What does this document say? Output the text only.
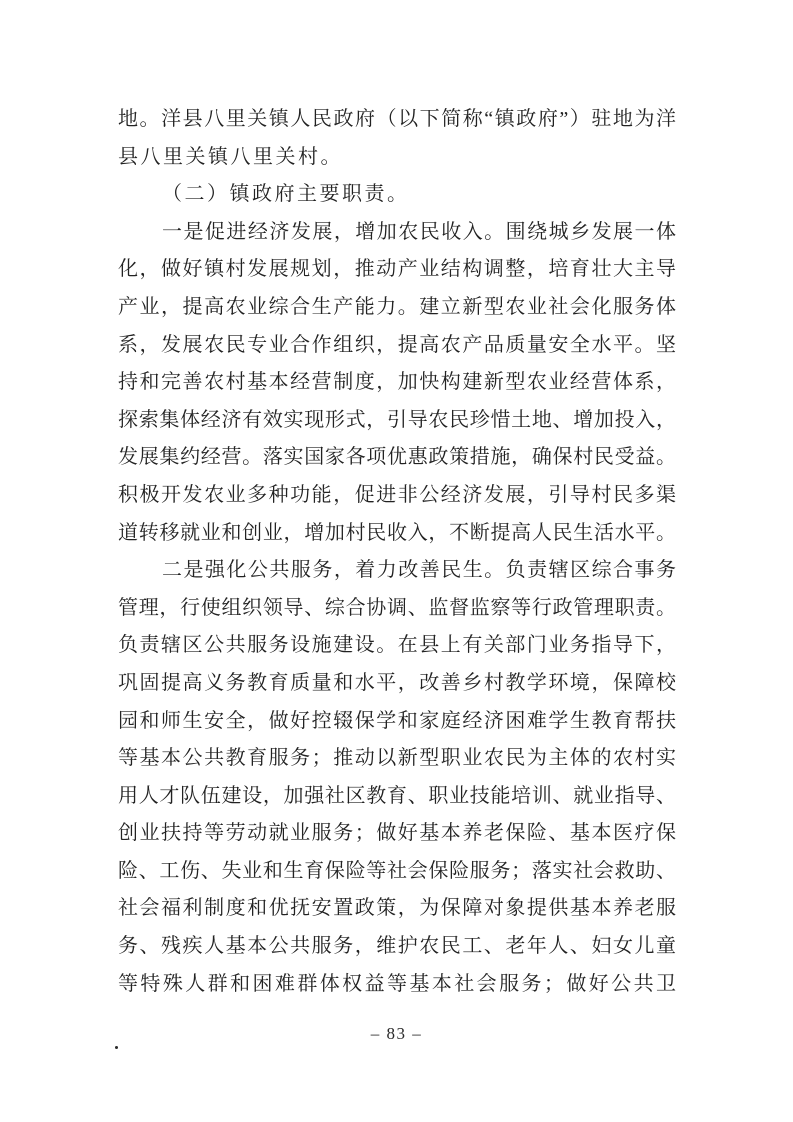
地。洋县八里关镇人民政府（以下简称“镇政府”）驻地为洋
县八里关镇八里关村。
（二）镇政府主要职责。
一是促进经济发展，增加农民收入。围绕城乡发展一体
化，做好镇村发展规划，推动产业结构调整，培育壮大主导
产业，提高农业综合生产能力。建立新型农业社会化服务体
系，发展农民专业合作组织，提高农产品质量安全水平。坚
持和完善农村基本经营制度，加快构建新型农业经营体系，
探索集体经济有效实现形式，引导农民珍惜土地、增加投入，
发展集约经营。落实国家各项优惠政策措施，确保村民受益。
积极开发农业多种功能，促进非公经济发展，引导村民多渠
道转移就业和创业，增加村民收入，不断提高人民生活水平。
二是强化公共服务，着力改善民生。负责辖区综合事务
管理，行使组织领导、综合协调、监督监察等行政管理职责。
负责辖区公共服务设施建设。在县上有关部门业务指导下，
巩固提高义务教育质量和水平，改善乡村教学环境，保障校
园和师生安全，做好控辍保学和家庭经济困难学生教育帮扶
等基本公共教育服务；推动以新型职业农民为主体的农村实
用人才队伍建设，加强社区教育、职业技能培训、就业指导、
创业扶持等劳动就业服务；做好基本养老保险、基本医疗保
险、工伤、失业和生育保险等社会保险服务；落实社会救助、
社会福利制度和优抚安置政策，为保障对象提供基本养老服
务、残疾人基本公共服务，维护农民工、老年人、妇女儿童
等特殊人群和困难群体权益等基本社会服务；做好公共卫
– 83 –
